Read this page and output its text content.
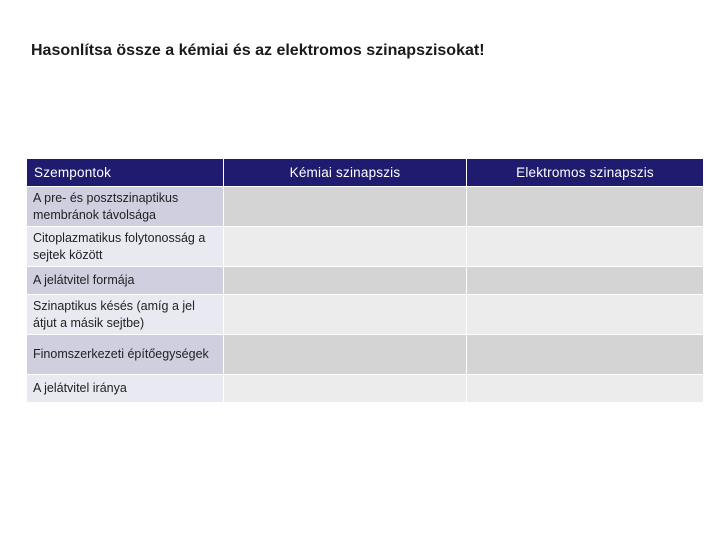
Hasonlítsa össze a kémiai és az elektromos szinapszisokat!
Szempontok	Kémiai szinapszis	Elektromos szinapszis
A pre- és posztszinaptikus membránok távolsága		
Citoplazmatikus folytonosság a sejtek között		
A jelátvitel formája		
Szinaptikus késés (amíg a jel átjut a másik sejtbe)		
Finomszerkezeti építőegységek		
A jelátvitel iránya		
